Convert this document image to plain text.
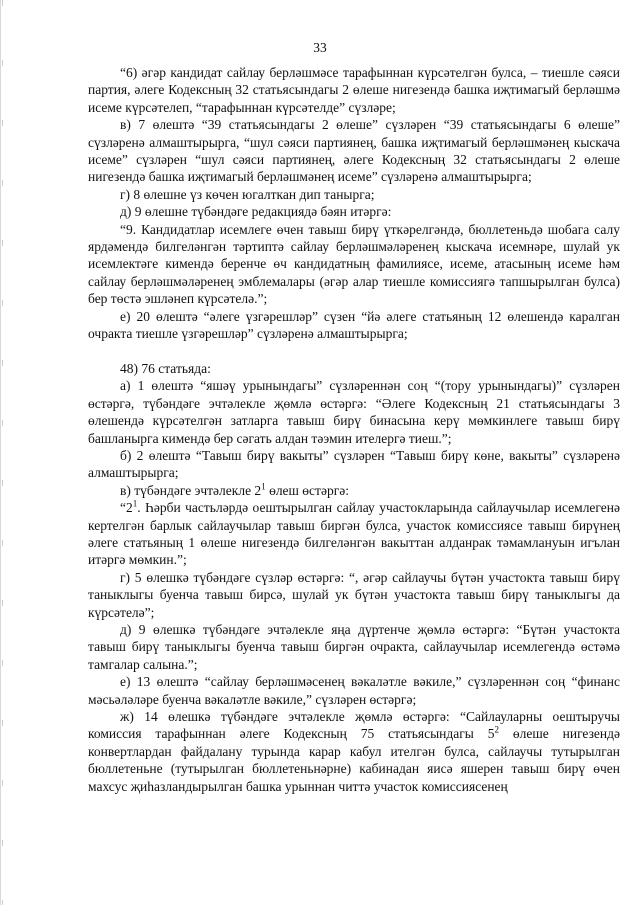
33

“6) әгәр кандидат сайлау берләшмәсе тарафыннан күрсәтелгән булса, – тиешле сәяси партия, әлеге Кодексның 32 статьясындагы 2 өлеше нигезендә башка иҗтимагый берләшмә исеме күрсәтелеп, “тарафыннан күрсәтелде” сүзләре;

в) 7 өлештә “39 статьясындагы 2 өлеше” сүзләрен “39 статьясындагы 6 өлеше” сүзләренә алмаштырырга, “шул сәяси партиянең, башка иҗтимагый берләшмәнең кыскача исеме” сүзләрен “шул сәяси партиянең, әлеге Кодексның 32 статьясындагы 2 өлеше нигезендә башка иҗтимагый берләшмәнең исеме” сүзләренә алмаштырырга;

г) 8 өлешне үз көчен югалткан дип танырга;

д) 9 өлешне түбәндәге редакциядә бәян итәргә:

“9. Кандидатлар исемлеге өчен тавыш бирү үткәрелгәндә, бюллетеньдә шобага салу ярдәмендә билгеләнгән тәртиптә сайлау берләшмәләренең кыскача исемнәре, шулай ук исемлектәге кимендә беренче өч кандидатның фамилиясе, исеме, атасының исеме һәм сайлау берләшмәләренең эмблемалары (әгәр алар тиешле комиссиягә тапшырылган булса) бер төстә эшләнеп күрсәтелә.”;

е) 20 өлештә “әлеге үзгәрешләр” сүзен “йә әлеге статьяның 12 өлешендә каралган очракта тиешле үзгәрешләр” сүзләренә алмаштырырга;

48) 76 статьяда:

а) 1 өлештә “яшәү урынындагы” сүзләреннән соң “(тору урынындагы)” сүзләрен өстәргә, түбәндәге эчтәлекле җөмлә өстәргә: “Әлеге Кодексның 21 статьясындагы 3 өлешендә күрсәтелгән затларга тавыш бирү бинасына керү мөмкинлеге тавыш бирү башланырга кимендә бер сәгать алдан тәэмин ителергә тиеш.”;

б) 2 өлештә “Тавыш бирү вакыты” сүзләрен “Тавыш бирү көне, вакыты” сүзләренә алмаштырырга;

в) түбәндәге эчтәлекле $2^1$ өлеш өстәргә:

“$2^1$. Һәрби частьләрдә оештырылган сайлау участокларында сайлаучылар исемлегенә кертелгән барлык сайлаучылар тавыш биргән булса, участок комиссиясе тавыш бирүнең әлеге статьяның 1 өлеше нигезендә билгеләнгән вакыттан алданрак тәмамлануын игълан итәргә мөмкин.”;

г) 5 өлешкә түбәндәге сүзләр өстәргә: “, әгәр сайлаучы бүтән участокта тавыш бирү таныклыгы буенча тавыш бирсә, шулай ук бүтән участокта тавыш бирү таныклыгы да күрсәтелә”;

д) 9 өлешкә түбәндәге эчтәлекле яңа дүртенче җөмлә өстәргә: “Бүтән участокта тавыш бирү таныклыгы буенча тавыш биргән очракта, сайлаучылар исемлегендә өстәмә тамгалар салына.”;

е) 13 өлештә “сайлау берләшмәсенең вәкаләтле вәкиле,” сүзләреннән соң “финанс мәсьәләләре буенча вәкаләтле вәкиле,” сүзләрен өстәргә;

ж) 14 өлешкә түбәндәге эчтәлекле җөмлә өстәргә: “Сайлауларны оештыручы комиссия тарафыннан әлеге Кодексның 75 статьясындагы $5^2$ өлеше нигезендә конвертлардан файдалану турында карар кабул ителгән булса, сайлаучы тутырылган бюллетеньне (тутырылган бюллетеньнәрне) кабинадан яисә яшерен тавыш бирү өчен махсус җиһазландырылган башка урыннан читтә участок комиссиясенең
